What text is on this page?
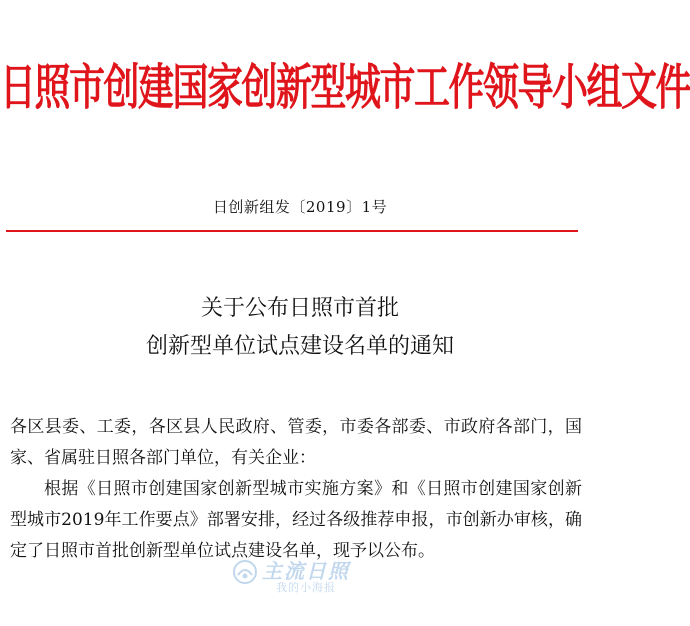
日照市创建国家创新型城市工作领导小组文件
日创新组发〔2019〕1号
关于公布日照市首批
创新型单位试点建设名单的通知

各区县委、工委，各区县人民政府、管委，市委各部委、市政府各部门，国家、省属驻日照各部门单位，有关企业：

根据《日照市创建国家创新型城市实施方案》和《日照市创建国家创新型城市2019年工作要点》部署安排，经过各级推荐申报，市创新办审核，确定了日照市首批创新型单位试点建设名单，现予以公布。

主流日照
我的小海报
